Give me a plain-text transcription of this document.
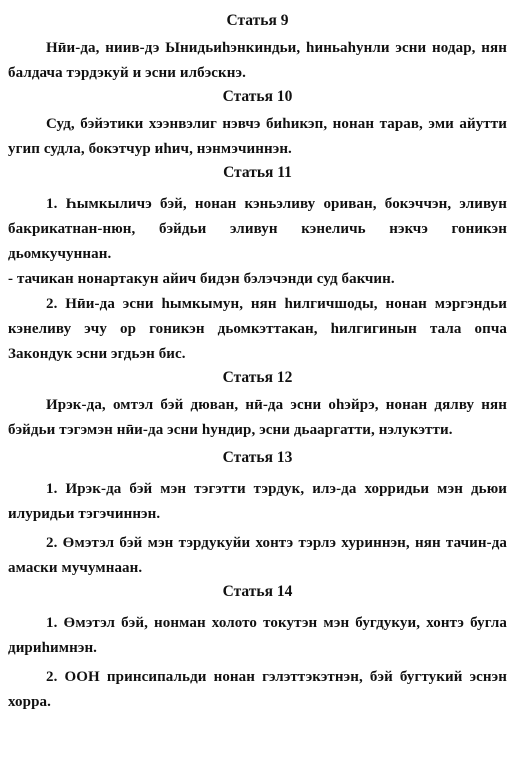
Статья 9

Нӣи-да, ниив-дэ Ынидьиһэнкиндьи, һиньаһунли эсни нодар, нян балдача тэрдэкуй и эсни илбэскнэ.

Статья 10

Суд, бэйэтики хээнвэлиг нэвчэ биһикэп, нонан тарав, эми айутти угип судла, бокэтчур иһич, нэнмэчиннэн.

Статья 11

1. Һымкыличэ бэй, нонан кэньэливу ориван, бокэччэн, эливун бакрикатнан-нюн, бэйдьи эливун кэнеличь нэкчэ гоникэн дьомкучуннан.

- тачикан нонартакун айич бидэн бэлэчэнди суд бакчин.

2. Нӣи-да эсни һымкымун, нян һилгичшоды, нонан мэргэндьи кэнеливу эчу ор гоникэн дьомкэттакан, һилгигинын тала опча Закондук эсни эгдьэн бис.

Статья 12

Ирэк-да, омтэл бэй дюван, нӣ-да эсни оһэйрэ, нонан дялву нян бэйдьи тэгэмэн нӣи-да эсни һундир, эсни дьааргатти, нэлукэтти.

Статья 13

1. Ирэк-да бэй мэн тэгэтти тэрдук, илэ-да хорридьи мэн дьюи илуридьи тэгэчиннэн.

2. Өмэтэл бэй мэн тэрдукуйи хонтэ тэрлэ хуриннэн, нян тачин-да амаски мучумнаан.

Статья 14

1. Өмэтэл бэй, нонман холото токутэн мэн бугдукуи, хонтэ бугла дириһимнэн.

2. ООН принсипальди нонан гэлэттэкэтнэн, бэй бугтукий эснэн хорра.
